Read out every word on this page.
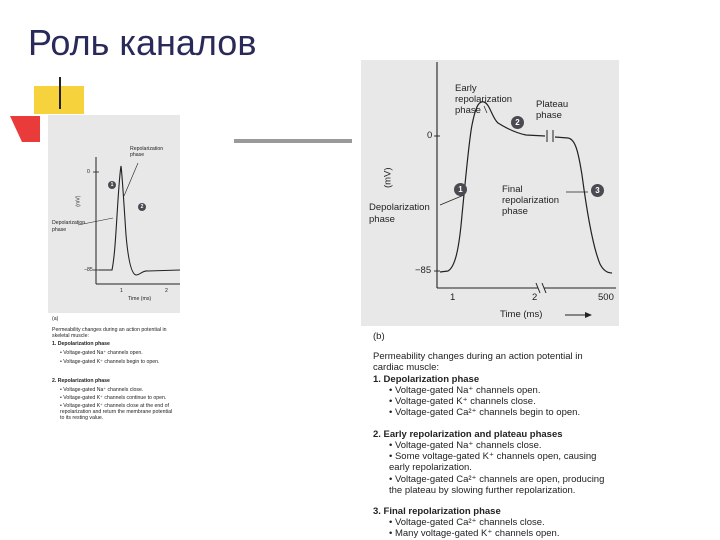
Роль каналов
(mV)
0
−85
1	2
Time (ms)
Repolarization
phase
Depolarization
phase
1
2
(a)
Permeability changes during an action potential in
skeletal muscle:
1. Depolarization phase
• Voltage-gated Na⁺ channels open.
• Voltage-gated K⁺ channels begin to open.
2. Repolarization phase
• Voltage-gated Na⁺ channels close.
• Voltage-gated K⁺ channels continue to open.
• Voltage-gated K⁺ channels close at the end of
repolarization and return the membrane potential
to its resting value.
(mV)
0
−85
1	2	500
Time (ms)
Early
repolarization
phase
Plateau
phase
Final
repolarization
phase
Depolarization
phase
1
2
3
(b)
Permeability changes during an action potential in
cardiac muscle:
1. Depolarization phase
• Voltage-gated Na⁺ channels open.
• Voltage-gated K⁺ channels close.
• Voltage-gated Ca²⁺ channels begin to open.
2. Early repolarization and plateau phases
• Voltage-gated Na⁺ channels close.
• Some voltage-gated K⁺ channels open, causing
early repolarization.
• Voltage-gated Ca²⁺ channels are open, producing
the plateau by slowing further repolarization.
3. Final repolarization phase
• Voltage-gated Ca²⁺ channels close.
• Many voltage-gated K⁺ channels open.
